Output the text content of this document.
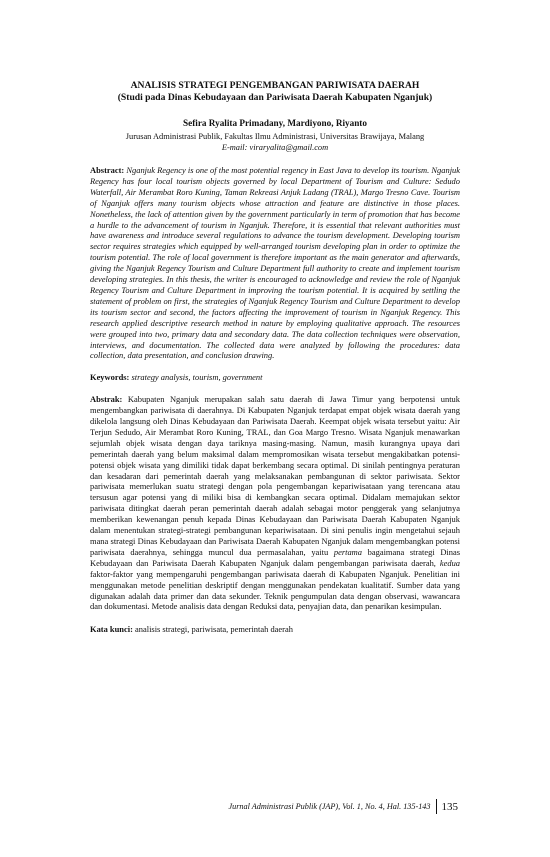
ANALISIS STRATEGI PENGEMBANGAN PARIWISATA DAERAH
(Studi pada Dinas Kebudayaan dan Pariwisata Daerah Kabupaten Nganjuk)
Sefira Ryalita Primadany, Mardiyono, Riyanto
Jurusan Administrasi Publik, Fakultas Ilmu Administrasi, Universitas Brawijaya, Malang
E-mail: viraryalita@gmail.com
Abstract: Nganjuk Regency is one of the most potential regency in East Java to develop its tourism. Nganjuk Regency has four local tourism objects governed by local Department of Tourism and Culture: Sedudo Waterfall, Air Merambat Roro Kuning, Taman Rekreasi Anjuk Ladang (TRAL), Margo Tresno Cave. Tourism of Nganjuk offers many tourism objects whose attraction and feature are distinctive in those places. Nonetheless, the lack of attention given by the government particularly in term of promotion that has become a hurdle to the advancement of tourism in Nganjuk. Therefore, it is essential that relevant authorities must have awareness and introduce several regulations to advance the tourism development. Developing tourism sector requires strategies which equipped by well-arranged tourism developing plan in order to optimize the tourism potential. The role of local government is therefore important as the main generator and afterwards, giving the Nganjuk Regency Tourism and Culture Department full authority to create and implement tourism developing strategies. In this thesis, the writer is encouraged to acknowledge and review the role of Nganjuk Regency Tourism and Culture Department in improving the tourism potential. It is acquired by settling the statement of problem on first, the strategies of Nganjuk Regency Tourism and Culture Department to develop its tourism sector and second, the factors affecting the improvement of tourism in Nganjuk Regency. This research applied descriptive research method in nature by employing qualitative approach. The resources were grouped into two, primary data and secondary data. The data collection techniques were observation, interviews, and documentation. The collected data were analyzed by following the procedures: data collection, data presentation, and conclusion drawing.
Keywords: strategy analysis, tourism, government
Abstrak: Kabupaten Nganjuk merupakan salah satu daerah di Jawa Timur yang berpotensi untuk mengembangkan pariwisata di daerahnya. Di Kabupaten Nganjuk terdapat empat objek wisata daerah yang dikelola langsung oleh Dinas Kebudayaan dan Pariwisata Daerah. Keempat objek wisata tersebut yaitu: Air Terjun Sedudo, Air Merambat Roro Kuning, TRAL, dan Goa Margo Tresno. Wisata Nganjuk menawarkan sejumlah objek wisata dengan daya tariknya masing-masing. Namun, masih kurangnya upaya dari pemerintah daerah yang belum maksimal dalam mempromosikan wisata tersebut mengakibatkan potensi-potensi objek wisata yang dimiliki tidak dapat berkembang secara optimal. Di sinilah pentingnya peraturan dan kesadaran dari pemerintah daerah yang melaksanakan pembangunan di sektor pariwisata. Sektor pariwisata memerlukan suatu strategi dengan pola pengembangan kepariwisataan yang terencana atau tersusun agar potensi yang di miliki bisa di kembangkan secara optimal. Didalam memajukan sektor pariwisata ditingkat daerah peran pemerintah daerah adalah sebagai motor penggerak yang selanjutnya memberikan kewenangan penuh kepada Dinas Kebudayaan dan Pariwisata Daerah Kabupaten Nganjuk dalam menentukan strategi-strategi pembangunan kepariwisataan. Di sini penulis ingin mengetahui sejauh mana strategi Dinas Kebudayaan dan Pariwisata Daerah Kabupaten Nganjuk dalam mengembangkan potensi pariwisata daerahnya, sehingga muncul dua permasalahan, yaitu pertama bagaimana strategi Dinas Kebudayaan dan Pariwisata Daerah Kabupaten Nganjuk dalam pengembangan pariwisata daerah, kedua faktor-faktor yang mempengaruhi pengembangan pariwisata daerah di Kabupaten Nganjuk. Penelitian ini menggunakan metode penelitian deskriptif dengan menggunakan pendekatan kualitatif. Sumber data yang digunakan adalah data primer dan data sekunder. Teknik pengumpulan data dengan observasi, wawancara dan dokumentasi. Metode analisis data dengan Reduksi data, penyajian data, dan penarikan kesimpulan.
Kata kunci: analisis strategi, pariwisata, pemerintah daerah
Jurnal Administrasi Publik (JAP), Vol. 1, No. 4, Hal. 135-143 135
